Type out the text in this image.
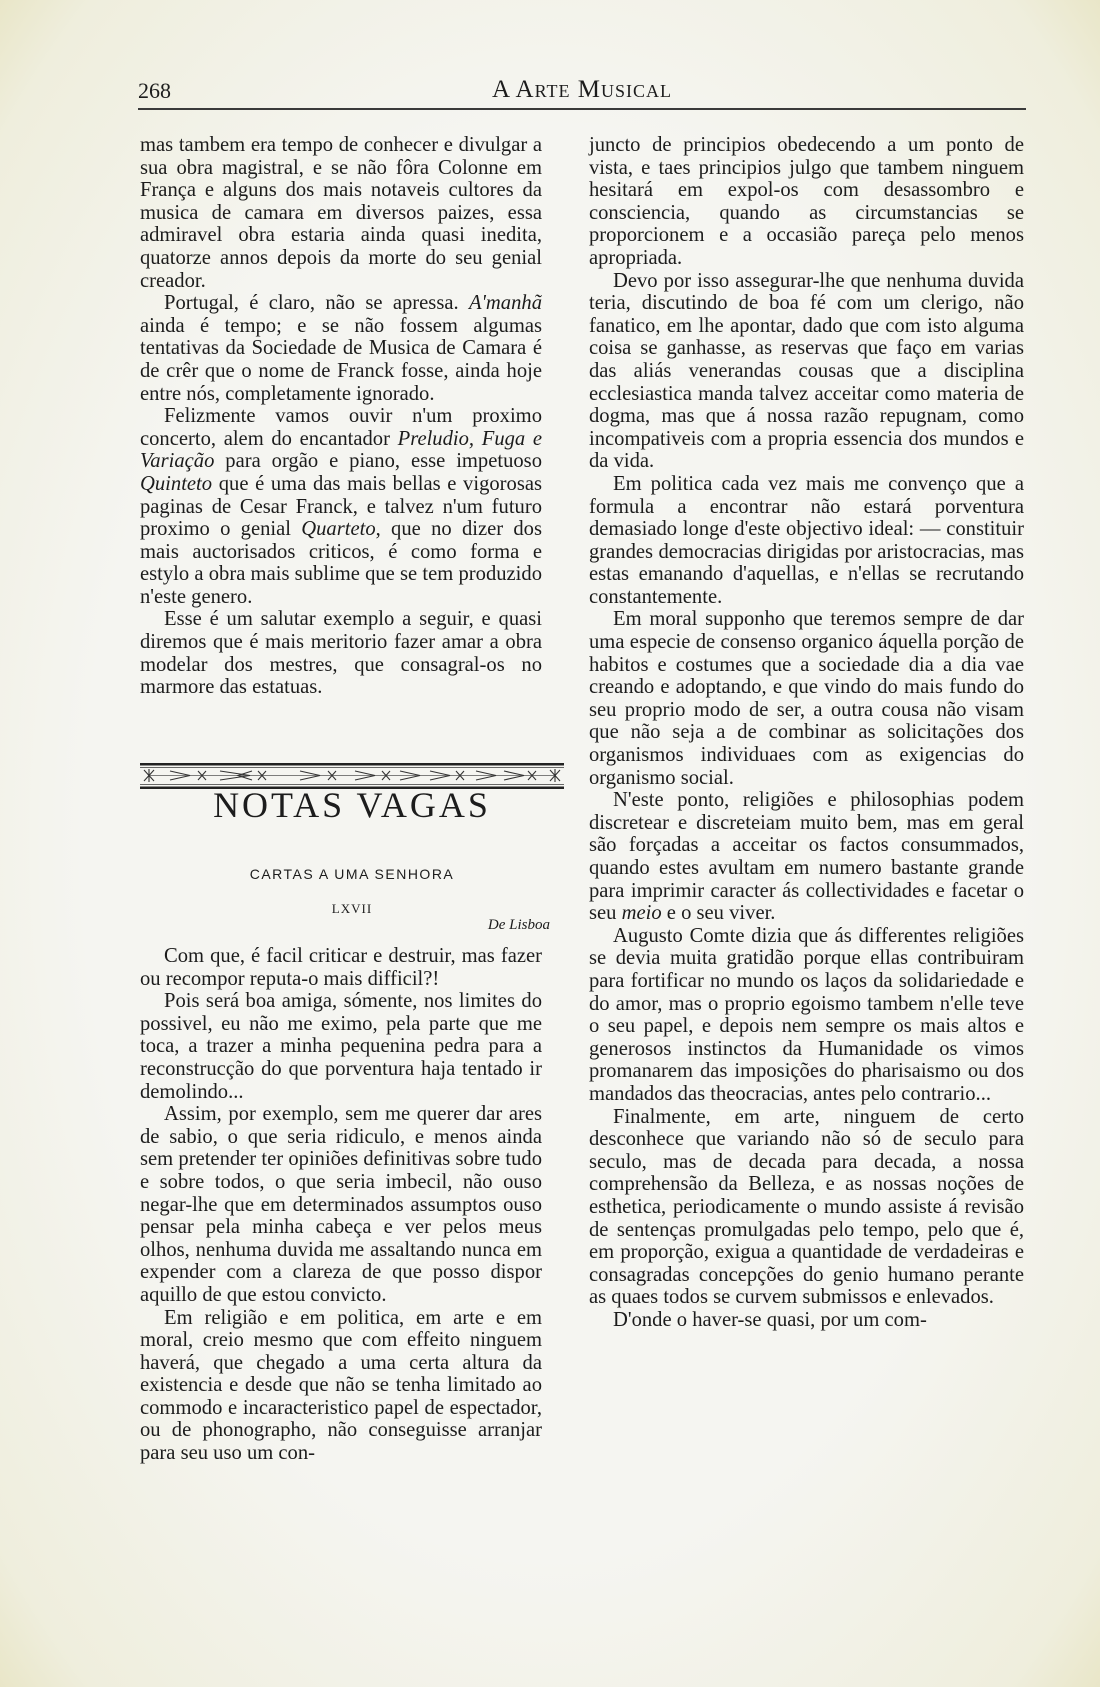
268	A Arte Musical

mas tambem era tempo de conhecer e divulgar a sua obra magistral, e se não fôra Colonne em França e alguns dos mais notaveis cultores da musica de camara em diversos paizes, essa admiravel obra estaria ainda quasi inedita, quatorze annos depois da morte do seu genial creador.

Portugal, é claro, não se apressa. A'manhã ainda é tempo; e se não fossem algumas tentativas da Sociedade de Musica de Camara é de crêr que o nome de Franck fosse, ainda hoje entre nós, completamente ignorado.

Felizmente vamos ouvir n'um proximo concerto, alem do encantador Preludio, Fuga e Variação para orgão e piano, esse impetuoso Quinteto que é uma das mais bellas e vigorosas paginas de Cesar Franck, e talvez n'um futuro proximo o genial Quarteto, que no dizer dos mais auctorisados criticos, é como forma e estylo a obra mais sublime que se tem produzido n'este genero.

Esse é um salutar exemplo a seguir, e quasi diremos que é mais meritorio fazer amar a obra modelar dos mestres, que consagral-os no marmore das estatuas.

NOTAS VAGAS
CARTAS A UMA SENHORA
LXVII
De Lisboa

Com que, é facil criticar e destruir, mas fazer ou recompor reputa-o mais difficil?!

Pois será boa amiga, sómente, nos limites do possivel, eu não me eximo, pela parte que me toca, a trazer a minha pequenina pedra para a reconstrucção do que porventura haja tentado ir demolindo...

Assim, por exemplo, sem me querer dar ares de sabio, o que seria ridiculo, e menos ainda sem pretender ter opiniões definitivas sobre tudo e sobre todos, o que seria imbecil, não ouso negar-lhe que em determinados assumptos ouso pensar pela minha cabeça e ver pelos meus olhos, nenhuma duvida me assaltando nunca em expender com a clareza de que posso dispor aquillo de que estou convicto.

Em religião e em politica, em arte e em moral, creio mesmo que com effeito ninguem haverá, que chegado a uma certa altura da existencia e desde que não se tenha limitado ao commodo e incaracteristico papel de espectador, ou de phonographo, não conseguisse arranjar para seu uso um con-

juncto de principios obedecendo a um ponto de vista, e taes principios julgo que tambem ninguem hesitará em expol-os com desassombro e consciencia, quando as circumstancias se proporcionem e a occasião pareça pelo menos apropriada.

Devo por isso assegurar-lhe que nenhuma duvida teria, discutindo de boa fé com um clerigo, não fanatico, em lhe apontar, dado que com isto alguma coisa se ganhasse, as reservas que faço em varias das aliás venerandas cousas que a disciplina ecclesiastica manda talvez acceitar como materia de dogma, mas que á nossa razão repugnam, como incompativeis com a propria essencia dos mundos e da vida.

Em politica cada vez mais me convenço que a formula a encontrar não estará porventura demasiado longe d'este objectivo ideal: — constituir grandes democracias dirigidas por aristocracias, mas estas emanando d'aquellas, e n'ellas se recrutando constantemente.

Em moral supponho que teremos sempre de dar uma especie de consenso organico áquella porção de habitos e costumes que a sociedade dia a dia vae creando e adoptando, e que vindo do mais fundo do seu proprio modo de ser, a outra cousa não visam que não seja a de combinar as solicitações dos organismos individuaes com as exigencias do organismo social.

N'este ponto, religiões e philosophias podem discretear e discreteiam muito bem, mas em geral são forçadas a acceitar os factos consummados, quando estes avultam em numero bastante grande para imprimir caracter ás collectividades e facetar o seu meio e o seu viver.

Augusto Comte dizia que ás differentes religiões se devia muita gratidão porque ellas contribuiram para fortificar no mundo os laços da solidariedade e do amor, mas o proprio egoismo tambem n'elle teve o seu papel, e depois nem sempre os mais altos e generosos instinctos da Humanidade os vimos promanarem das imposições do pharisaismo ou dos mandados das theocracias, antes pelo contrario...

Finalmente, em arte, ninguem de certo desconhece que variando não só de seculo para seculo, mas de decada para decada, a nossa comprehensão da Belleza, e as nossas noções de esthetica, periodicamente o mundo assiste á revisão de sentenças promulgadas pelo tempo, pelo que é, em proporção, exigua a quantidade de verdadeiras e consagradas concepções do genio humano perante as quaes todos se curvem submissos e enlevados.

D'onde o haver-se quasi, por um com-
